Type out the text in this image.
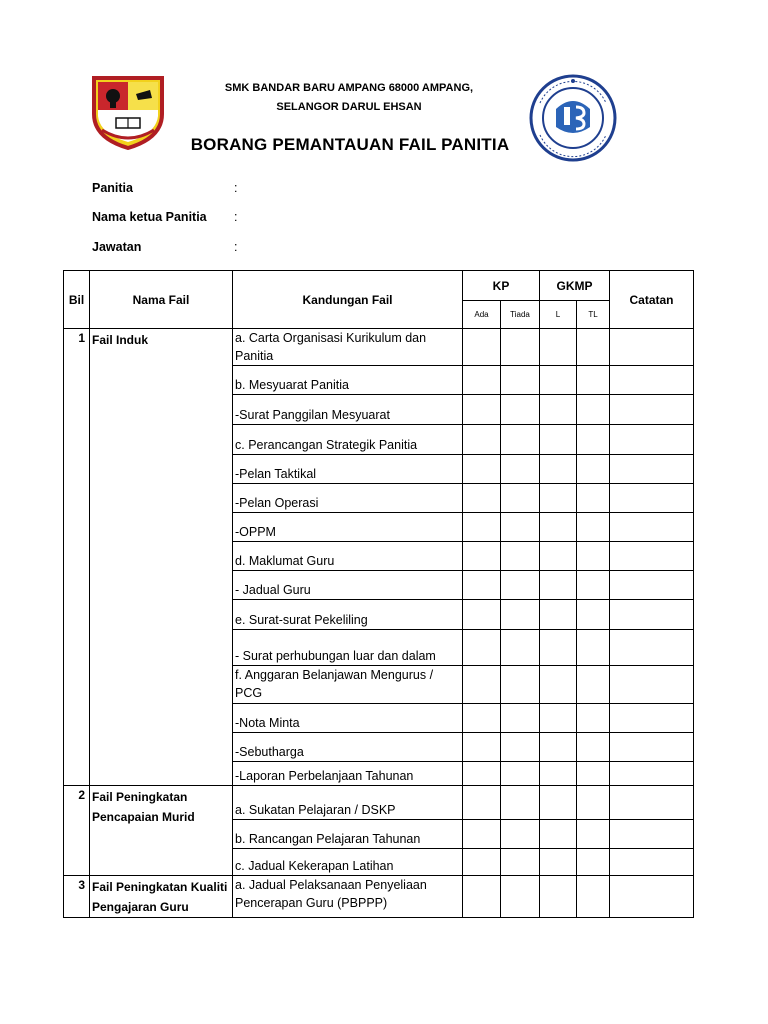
SMK BANDAR BARU AMPANG 68000 AMPANG,
SELANGOR DARUL EHSAN
BORANG PEMANTAUAN FAIL PANITIA
Panitia	:
Nama ketua Panitia :
Jawatan	:
Bil	Nama Fail	Kandungan Fail	KP		GKMP		Catatan
			Ada	Tiada	L	TL	
1	Fail Induk	a. Carta Organisasi Kurikulum dan Panitia					
		b. Mesyuarat Panitia					
		-Surat Panggilan Mesyuarat					
		c. Perancangan Strategik Panitia					
		-Pelan Taktikal					
		-Pelan Operasi					
		-OPPM					
		d. Maklumat Guru					
		- Jadual Guru					
		e. Surat-surat Pekeliling					
		- Surat perhubungan luar dan dalam					
		f. Anggaran Belanjawan Mengurus / PCG					
		-Nota Minta					
		-Sebutharga					
		-Laporan Perbelanjaan Tahunan					
2	Fail Peningkatan Pencapaian Murid	a. Sukatan Pelajaran / DSKP					
		b. Rancangan Pelajaran Tahunan					
		c. Jadual Kekerapan Latihan					
3	Fail Peningkatan Kualiti Pengajaran Guru	a. Jadual Pelaksanaan Penyeliaan Pencerapan Guru (PBPPP)					
